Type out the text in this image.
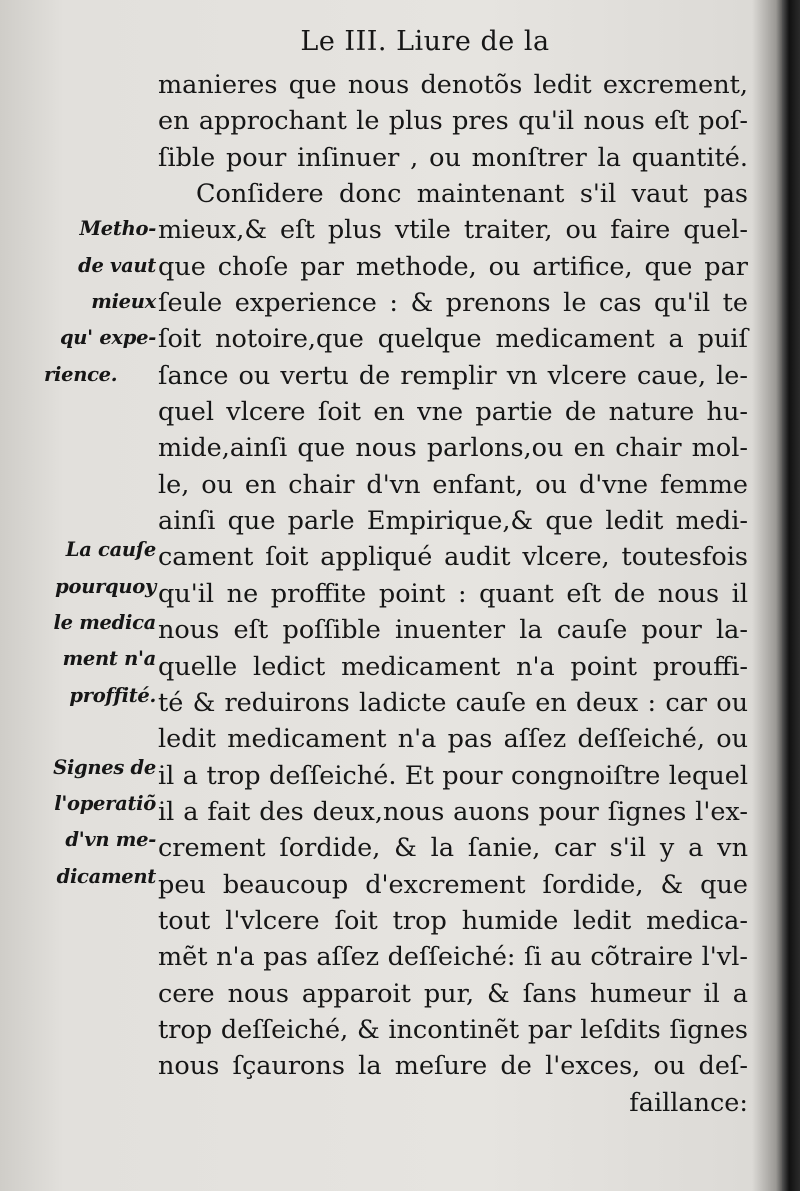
Le III. Liure de la
Metho-
de vaut
mieux
qu' expe-
rience.
La cauſe
pourquoy
le medica
ment n'a
proffité.
Signes de
l'operatiõ
d'vn me-
dicament
manieres que nous denotõs ledit excrement,
en approchant le plus pres qu'il nous eſt poſ-
ſible pour inſinuer , ou monſtrer la quantité.
Conſidere donc maintenant s'il vaut pas
mieux,& eſt plus vtile traiter, ou faire quel-
que choſe par methode, ou artifice, que par
ſeule experience : & prenons le cas qu'il te
ſoit notoire,que quelque medicament a puiſ
ſance ou vertu de remplir vn vlcere caue, le-
quel vlcere ſoit en vne partie de nature hu-
mide,ainſi que nous parlons,ou en chair mol-
le, ou en chair d'vn enfant, ou d'vne femme
ainſi que parle Empirique,& que ledit medi-
cament ſoit appliqué audit vlcere, toutesfois
qu'il ne proffite point : quant eſt de nous il
nous eſt poſſible inuenter la cauſe pour la-
quelle ledict medicament n'a point prouffi-
té & reduirons ladicte cauſe en deux : car ou
ledit medicament n'a pas aſſez deſſeiché, ou
il a trop deſſeiché. Et pour congnoiſtre lequel
il a fait des deux,nous auons pour ſignes l'ex-
crement ſordide, & la ſanie, car s'il y a vn
peu beaucoup d'excrement ſordide, & que
tout l'vlcere ſoit trop humide ledit medica-
mẽt n'a pas aſſez deſſeiché: ſi au cõtraire l'vl-
cere nous apparoit pur, & ſans humeur il a
trop deſſeiché, & incontinẽt par leſdits ſignes
nous ſçaurons la meſure de l'exces, ou deſ-
faillance:
